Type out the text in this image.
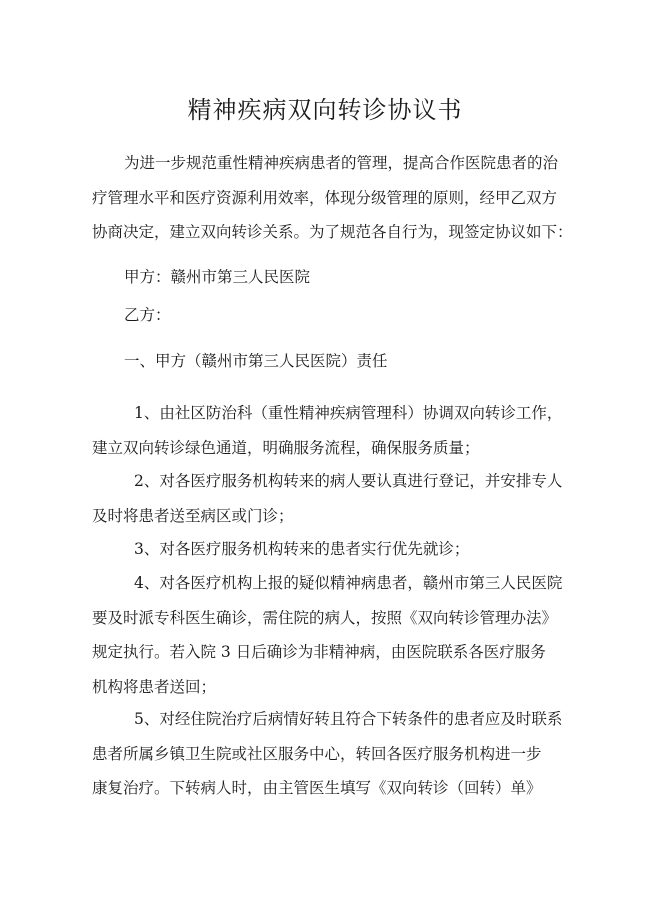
精神疾病双向转诊协议书

为进一步规范重性精神疾病患者的管理，提高合作医院患者的治
疗管理水平和医疗资源利用效率，体现分级管理的原则，经甲乙双方
协商决定，建立双向转诊关系。为了规范各自行为，现签定协议如下：

甲方：赣州市第三人民医院

乙方：

一、甲方（赣州市第三人民医院）责任

1、由社区防治科（重性精神疾病管理科）协调双向转诊工作，
建立双向转诊绿色通道，明确服务流程，确保服务质量；

2、对各医疗服务机构转来的病人要认真进行登记，并安排专人
及时将患者送至病区或门诊；

3、对各医疗服务机构转来的患者实行优先就诊；

4、对各医疗机构上报的疑似精神病患者，赣州市第三人民医院
要及时派专科医生确诊，需住院的病人，按照《双向转诊管理办法》
规定执行。若入院 3 日后确诊为非精神病，由医院联系各医疗服务
机构将患者送回；

5、对经住院治疗后病情好转且符合下转条件的患者应及时联系
患者所属乡镇卫生院或社区服务中心，转回各医疗服务机构进一步
康复治疗。下转病人时，由主管医生填写《双向转诊（回转）单》
